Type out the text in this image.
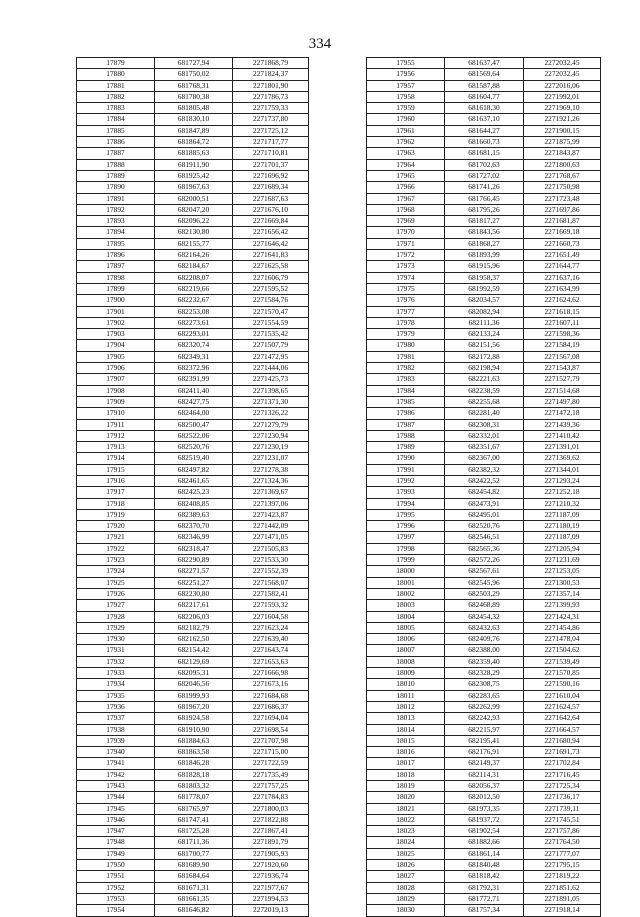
334
17879	681727,94	2271868,79
17880	681750,02	2271824,37
17881	681768,31	2271801,90
17882	681780,38	2271786,73
17883	681805,48	2271759,33
17884	681830,10	2271737,80
17885	681847,89	2271725,12
17886	681864,72	2271717,77
17887	681885,63	2271710,81
17888	681911,90	2271701,37
17889	681925,42	2271696,92
17890	681967,63	2271689,34
17891	682000,51	2271687,63
17892	682047,20	2271676,10
17893	682096,22	2271669,84
17894	682130,80	2271656,42
17895	682155,77	2271646,42
17896	682164,26	2271641,83
17897	682184,67	2271625,58
17898	682208,07	2271606,79
17899	682219,66	2271595,52
17900	682232,67	2271584,76
17901	682253,08	2271570,47
17902	682273,61	2271554,59
17903	682293,01	2271535,42
17904	682320,74	2271507,79
17905	682349,31	2271472,95
17906	682372,96	2271444,06
17907	682391,99	2271425,73
17908	682411,40	2271398,65
17909	682427,75	2271371,30
17910	682464,00	2271326,22
17911	682500,47	2271279,79
17912	682522,06	2271230,94
17913	682520,76	2271230,19
17914	682519,40	2271231,07
17915	682497,82	2271278,38
17916	682461,65	2271324,36
17917	682425,23	2271369,67
17918	682408,85	2271397,06
17919	682389,63	2271423,87
17920	682370,70	2271442,09
17921	682346,99	2271471,05
17922	682318,47	2271505,83
17923	682290,89	2271533,30
17924	682271,57	2271552,39
17925	682251,27	2271568,07
17926	682230,80	2271582,41
17927	682217,61	2271593,32
17928	682206,03	2271604,58
17929	682182,79	2271623,24
17930	682162,50	2271639,40
17931	682154,42	2271643,74
17932	682129,69	2271653,63
17933	682095,31	2271666,98
17934	682046,56	2271673,16
17935	681999,93	2271684,68
17936	681967,20	2271686,37
17937	681924,58	2271694,04
17938	681910,90	2271698,54
17939	681884,63	2271707,98
17940	681863,58	2271715,00
17941	681846,28	2271722,59
17942	681828,18	2271735,49
17943	681803,32	2271757,25
17944	681778,07	2271784,83
17945	681765,97	2271800,03
17946	681747,41	2271822,88
17947	681725,28	2271867,41
17948	681711,36	2271891,79
17949	681700,77	2271905,93
17950	681689,90	2271920,60
17951	681684,64	2271936,74
17952	681671,31	2271977,67
17953	681661,35	2271994,53
17954	681646,82	2272019,13
17955	681637,47	2272032,45
17956	681569,64	2272032,45
17957	681587,88	2272016,06
17958	681604,77	2271992,01
17959	681618,30	2271969,10
17960	681637,10	2271921,26
17961	681644,27	2271900,15
17962	681660,73	2271875,99
17963	681681,15	2271843,87
17964	681702,63	2271800,63
17965	681727,02	2271768,67
17966	681741,26	2271750,98
17967	681766,45	2271723,48
17968	681795,26	2271697,86
17969	681817,27	2271681,87
17970	681843,56	2271669,18
17971	681868,27	2271660,73
17972	681893,99	2271651,49
17973	681915,96	2271644,77
17974	681958,37	2271637,16
17975	681992,59	2271634,99
17976	682034,57	2271624,62
17977	682082,94	2271618,15
17978	682111,36	2271607,11
17979	682133,24	2271598,36
17980	682151,56	2271584,19
17981	682172,88	2271567,08
17982	682198,94	2271543,87
17983	682221,63	2271527,79
17984	682238,59	2271514,68
17985	682255,68	2271497,80
17986	682281,40	2271472,18
17987	682308,31	2271439,36
17988	682332,01	2271410,42
17989	682351,67	2271391,01
17990	682367,00	2271369,62
17991	682382,32	2271344,01
17992	682422,52	2271293,24
17993	682454,82	2271252,18
17994	682473,91	2271210,32
17995	682495,01	2271187,09
17996	682520,76	2271180,19
17997	682546,51	2271187,09
17998	682565,36	2271205,94
17999	682572,26	2271231,69
18000	682567,61	2271253,05
18001	682545,96	2271300,53
18002	682503,29	2271357,14
18003	682468,89	2271399,93
18004	682454,32	2271424,31
18005	682432,63	2271454,86
18006	682409,76	2271478,04
18007	682388,00	2271504,62
18008	682359,40	2271539,49
18009	682328,29	2271570,85
18010	682308,75	2271590,16
18011	682283,65	2271610,04
18012	682262,99	2271624,57
18013	682242,93	2271642,64
18014	682215,97	2271664,57
18015	682195,41	2271680,94
18016	682176,91	2271691,73
18017	682149,37	2271702,84
18018	682114,31	2271716,45
18019	682056,37	2271725,34
18020	682012,50	2271736,17
18021	681973,35	2271739,11
18022	681937,72	2271745,51
18023	681902,54	2271757,86
18024	681882,66	2271764,50
18025	681861,14	2271777,07
18026	681840,48	2271795,15
18027	681818,42	2271819,22
18028	681792,31	2271851,62
18029	681772,71	2271891,05
18030	681757,34	2271918,14
